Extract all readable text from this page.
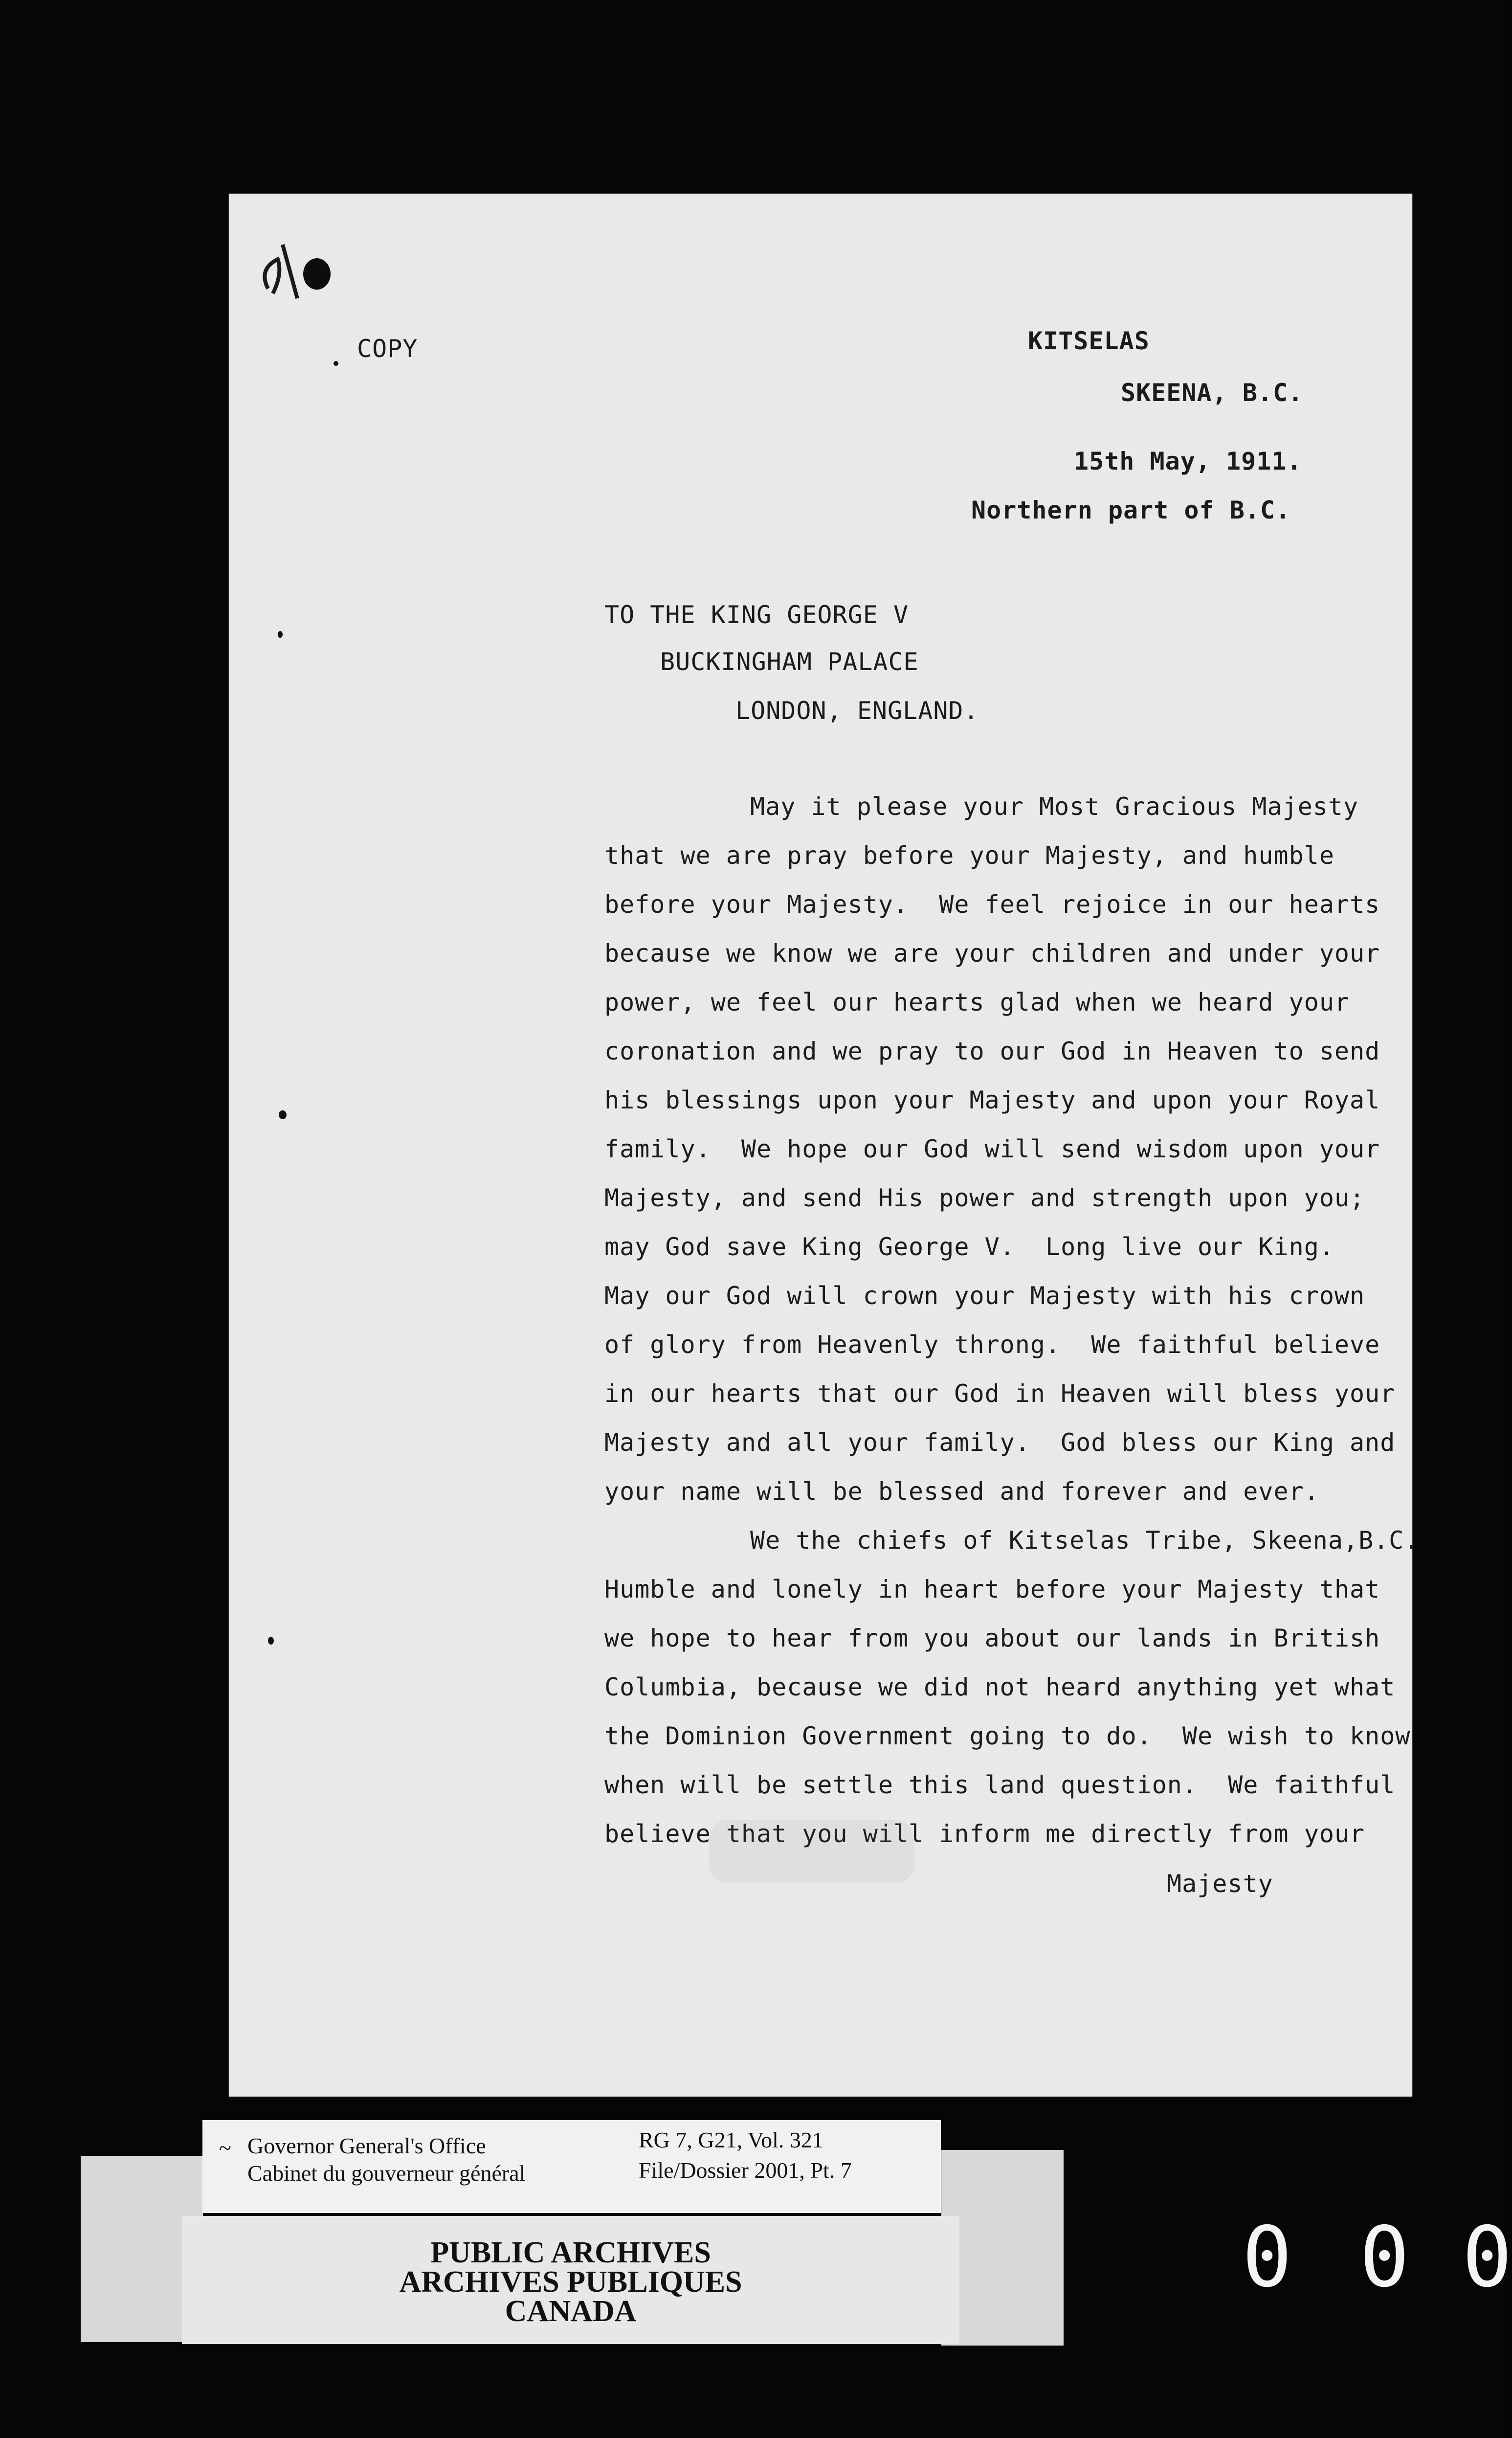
COPY	KITSELAS
SKEENA, B.C.
15th May, 1911.
Northern part of B.C.
TO THE KING GEORGE V
BUCKINGHAM PALACE
LONDON, ENGLAND.
May it please your Most Gracious Majesty
that we are pray before your Majesty, and humble
before your Majesty.  We feel rejoice in our hearts
because we know we are your children and under your
power, we feel our hearts glad when we heard your
coronation and we pray to our God in Heaven to send
his blessings upon your Majesty and upon your Royal
family.  We hope our God will send wisdom upon your
Majesty, and send His power and strength upon you;
may God save King George V.  Long live our King.
May our God will crown your Majesty with his crown
of glory from Heavenly throng.  We faithful believe
in our hearts that our God in Heaven will bless your
Majesty and all your family.  God bless our King and
your name will be blessed and forever and ever.
We the chiefs of Kitselas Tribe, Skeena,B.C.
Humble and lonely in heart before your Majesty that
we hope to hear from you about our lands in British
Columbia, because we did not heard anything yet what
the Dominion Government going to do.  We wish to know
when will be settle this land question.  We faithful
believe that you will inform me directly from your
Majesty
~ Governor General's Office
Cabinet du gouverneur général
RG 7, G21, Vol. 321
File/Dossier 2001, Pt. 7
PUBLIC ARCHIVES
ARCHIVES PUBLIQUES
CANADA
0 0 0
